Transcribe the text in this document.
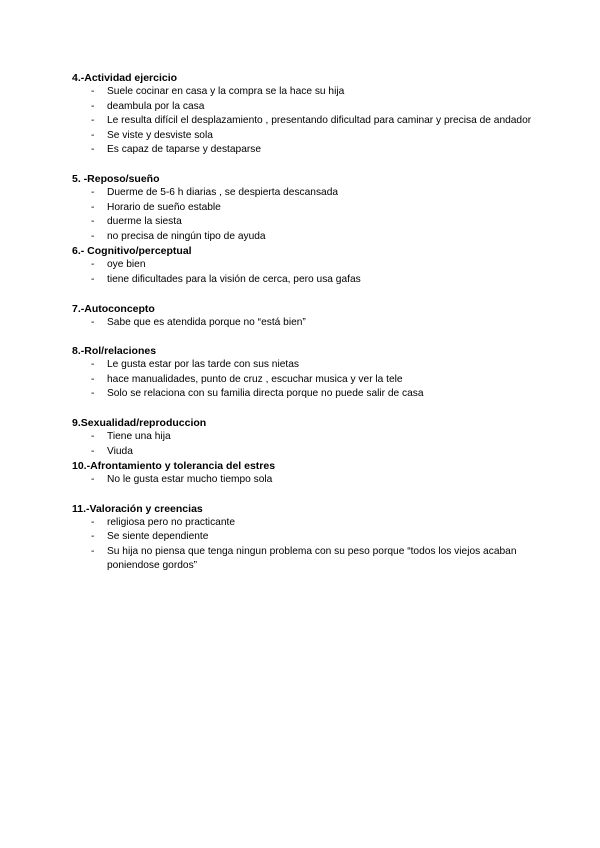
4.-Actividad ejercicio

- Suele cocinar en casa y la compra se la hace su hija
- deambula por la casa
- Le resulta difícil el desplazamiento , presentando dificultad para caminar y precisa de andador
- Se viste y desviste sola
- Es capaz de taparse y destaparse

5. -Reposo/sueño

- Duerme de 5-6 h diarias , se despierta descansada
- Horario de sueño estable
- duerme la siesta
- no precisa de ningún tipo de ayuda

6.- Cognitivo/perceptual

- oye bien
- tiene dificultades para la visión de cerca, pero usa gafas

7.-Autoconcepto

- Sabe que es atendida porque no “está bien”

8.-Rol/relaciones

- Le gusta estar por las tarde con sus nietas
- hace manualidades, punto de cruz , escuchar musica y ver la tele
- Solo se relaciona con su familia directa porque no puede salir de casa

9.Sexualidad/reproduccion

- Tiene una hija
- Viuda

10.-Afrontamiento y tolerancia del estres

- No le gusta estar mucho tiempo sola

11.-Valoración y creencias

- religiosa pero no practicante
- Se siente dependiente
- Su hija no piensa que tenga ningun problema con su peso porque “todos los viejos acaban poniendose gordos”
